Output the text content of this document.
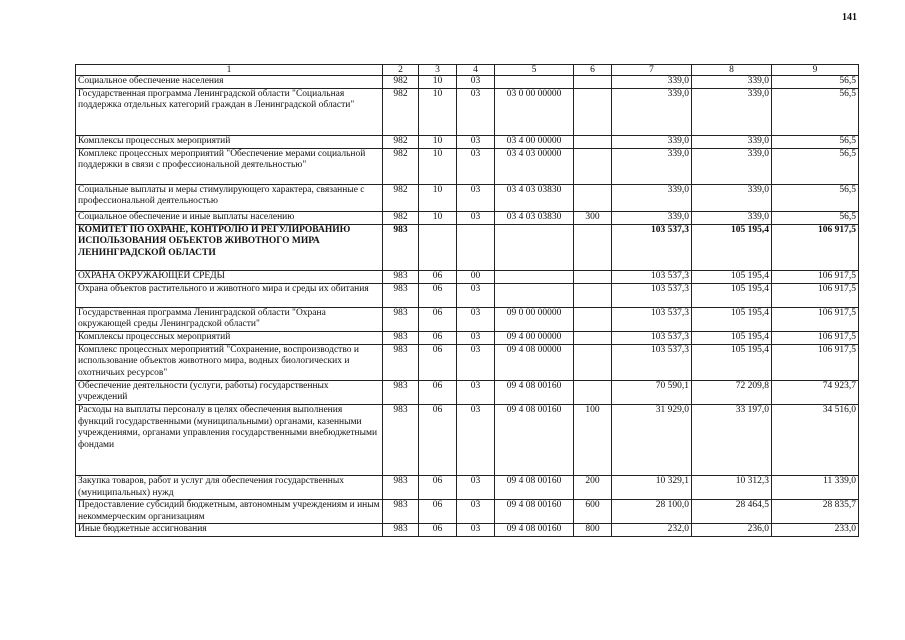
141
1	2	3	4	5	6	7	8	9
Социальное обеспечение населения	982	10	03			339,0	339,0	56,5
Государственная программа Ленинградской области "Социальная поддержка отдельных категорий граждан в Ленинградской области"	982	10	03	03 0 00 00000		339,0	339,0	56,5
Комплексы процессных мероприятий	982	10	03	03 4 00 00000		339,0	339,0	56,5
Комплекс процессных мероприятий "Обеспечение мерами социальной поддержки в связи с профессиональной деятельностью"	982	10	03	03 4 03 00000		339,0	339,0	56,5
Социальные выплаты и меры стимулирующего характера, связанные с профессиональной деятельностью	982	10	03	03 4 03 03830		339,0	339,0	56,5
Социальное обеспечение и иные выплаты населению	982	10	03	03 4 03 03830	300	339,0	339,0	56,5
КОМИТЕТ ПО ОХРАНЕ, КОНТРОЛЮ И РЕГУЛИРОВАНИЮ ИСПОЛЬЗОВАНИЯ ОБЪЕКТОВ ЖИВОТНОГО МИРА ЛЕНИНГРАДСКОЙ ОБЛАСТИ	983					103 537,3	105 195,4	106 917,5
ОХРАНА ОКРУЖАЮЩЕЙ СРЕДЫ	983	06	00			103 537,3	105 195,4	106 917,5
Охрана объектов растительного и животного мира и среды их обитания	983	06	03			103 537,3	105 195,4	106 917,5
Государственная программа Ленинградской области "Охрана окружающей среды Ленинградской области"	983	06	03	09 0 00 00000		103 537,3	105 195,4	106 917,5
Комплексы процессных мероприятий	983	06	03	09 4 00 00000		103 537,3	105 195,4	106 917,5
Комплекс процессных мероприятий "Сохранение, воспроизводство и использование объектов животного мира, водных биологических и охотничьих ресурсов"	983	06	03	09 4 08 00000		103 537,3	105 195,4	106 917,5
Обеспечение деятельности (услуги, работы) государственных учреждений	983	06	03	09 4 08 00160		70 590,1	72 209,8	74 923,7
Расходы на выплаты персоналу в целях обеспечения выполнения функций государственными (муниципальными) органами, казенными учреждениями, органами управления государственными внебюджетными фондами	983	06	03	09 4 08 00160	100	31 929,0	33 197,0	34 516,0
Закупка товаров, работ и услуг для обеспечения государственных (муниципальных) нужд	983	06	03	09 4 08 00160	200	10 329,1	10 312,3	11 339,0
Предоставление субсидий бюджетным, автономным учреждениям и иным некоммерческим организациям	983	06	03	09 4 08 00160	600	28 100,0	28 464,5	28 835,7
Иные бюджетные ассигнования	983	06	03	09 4 08 00160	800	232,0	236,0	233,0
